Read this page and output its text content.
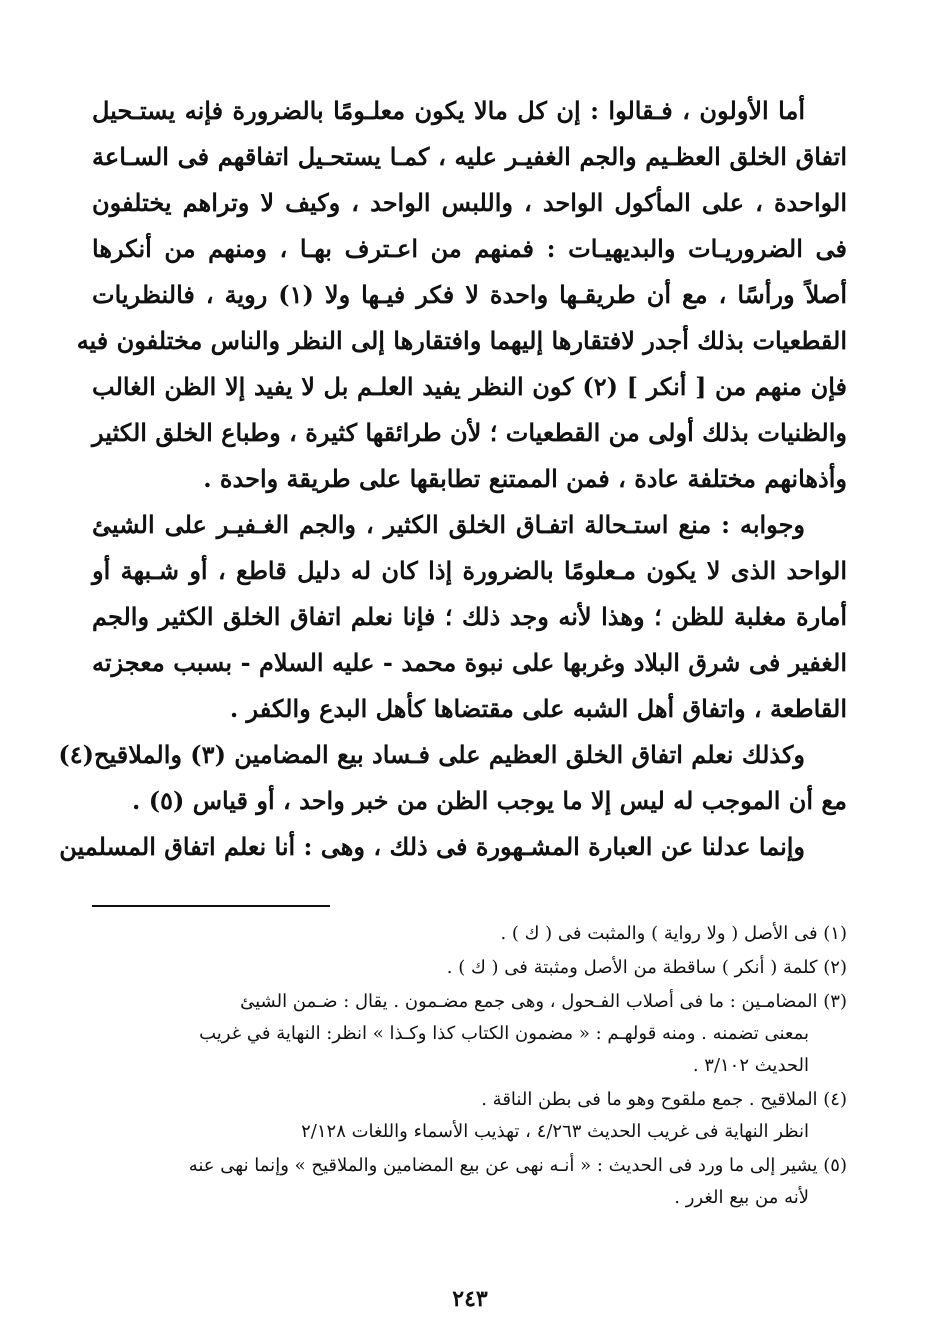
أما الأولون ، فـقالوا : إن كل مالا يكون معلـومًا بالضرورة فإنه يستـحيل
اتفاق الخلق العظـيم والجم الغفيـر عليه ، كمـا يستحـيل اتفاقهم فى السـاعة
الواحدة ، على المأكول الواحد ، واللبس الواحد ، وكيف لا وتراهم يختلفون
فى الضروريـات والبديهيـات : فمنهم من اعـترف بهـا ، ومنهم من أنكرها
أصلاً ورأسًا ، مع أن طريقـها واحدة لا فكر فيـها ولا (١) روية ، فالنظريات
القطعيات بذلك أجدر لافتقارها إليهما وافتقارها إلى النظر والناس مختلفون فيه
فإن منهم من [ أنكر ] (٢) كون النظر يفيد العلـم بل لا يفيد إلا الظن الغالب
والظنيات بذلك أولى من القطعيات ؛ لأن طرائقها كثيرة ، وطباع الخلق الكثير
وأذهانهم مختلفة عادة ، فمن الممتنع تطابقها على طريقة واحدة .
وجوابه : منع استـحالة اتفـاق الخلق الكثير ، والجم الغـفيـر على الشيئ
الواحد الذى لا يكون مـعلومًا بالضرورة إذا كان له دليل قاطع ، أو شـبهة أو
أمارة مغلبة للظن ؛ وهذا لأنه وجد ذلك ؛ فإنا نعلم اتفاق الخلق الكثير والجم
الغفير فى شرق البلاد وغربها على نبوة محمد - عليه السلام - بسبب معجزته
القاطعة ، واتفاق أهل الشبه على مقتضاها كأهل البدع والكفر .
وكذلك نعلم اتفاق الخلق العظيم على فـساد بيع المضامين (٣) والملاقيح(٤)
مع أن الموجب له ليس إلا ما يوجب الظن من خبر واحد ، أو قياس (٥) .
وإنما عدلنا عن العبارة المشـهورة فى ذلك ، وهى : أنا نعلم اتفاق المسلمين
(١) فى الأصل ( ولا رواية ) والمثبت فى ( ك ) .
(٢) كلمة ( أنكر ) ساقطة من الأصل ومثبتة فى ( ك ) .
(٣) المضامـين : ما فى أصلاب الفـحول ، وهى جمع مضـمون . يقال : ضـمن الشيئ
بمعنى تضمنه . ومنه قولهـم : « مضمون الكتاب كذا وكـذا » انظر: النهاية في غريب
الحديث ٣/١٠٢ .
(٤) الملاقيح . جمع ملقوح وهو ما فى بطن الناقة .
انظر النهاية فى غريب الحديث ٤/٢٦٣ ، تهذيب الأسماء واللغات ٢/١٢٨
(٥) يشير إلى ما ورد فى الحديث : « أنـه نهى عن بيع المضامين والملاقيح » وإنما نهى عنه
لأنه من بيع الغرر .
٢٤٣
